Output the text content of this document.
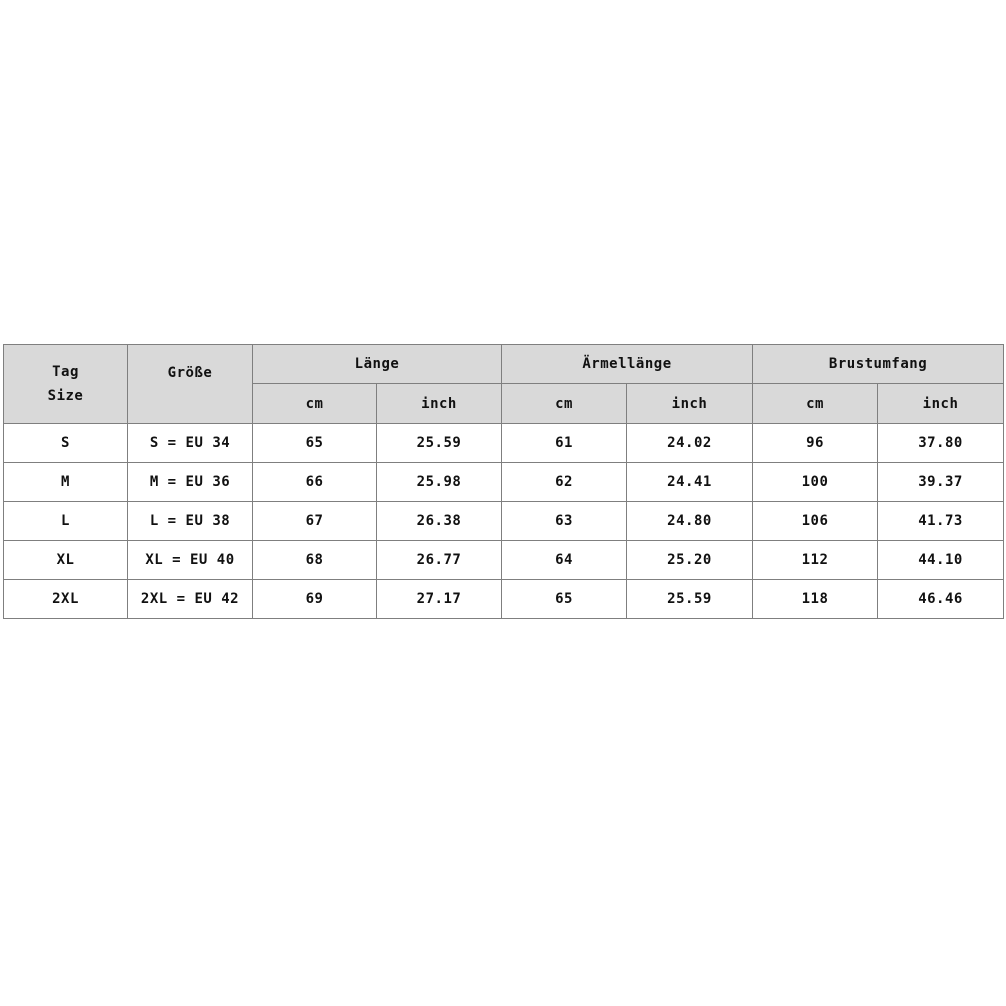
Tag
Size	Größe	Länge		Ärmellänge		Brustumfang	
		cm	inch	cm	inch	cm	inch
S	S = EU 34	65	25.59	61	24.02	96	37.80
M	M = EU 36	66	25.98	62	24.41	100	39.37
L	L = EU 38	67	26.38	63	24.80	106	41.73
XL	XL = EU 40	68	26.77	64	25.20	112	44.10
2XL	2XL = EU 42	69	27.17	65	25.59	118	46.46
